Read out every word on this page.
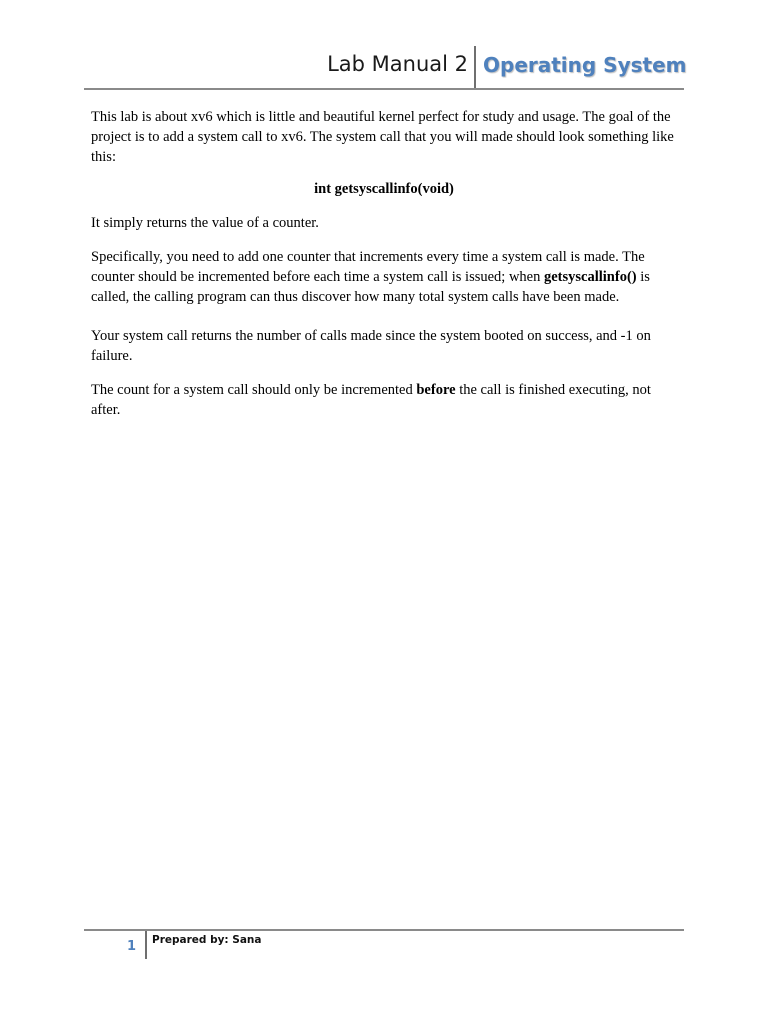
Lab Manual 2 Operating System

This lab is about xv6 which is little and beautiful kernel perfect for study and usage. The goal of the project is to add a system call to xv6. The system call that you will made should look something like this:

int getsyscallinfo(void)

It simply returns the value of a counter.

Specifically, you need to add one counter that increments every time a system call is made. The counter should be incremented before each time a system call is issued; when getsyscallinfo() is called, the calling program can thus discover how many total system calls have been made.

Your system call returns the number of calls made since the system booted on success, and -1 on failure.

The count for a system call should only be incremented before the call is finished executing, not after.

1 Prepared by: Sana
